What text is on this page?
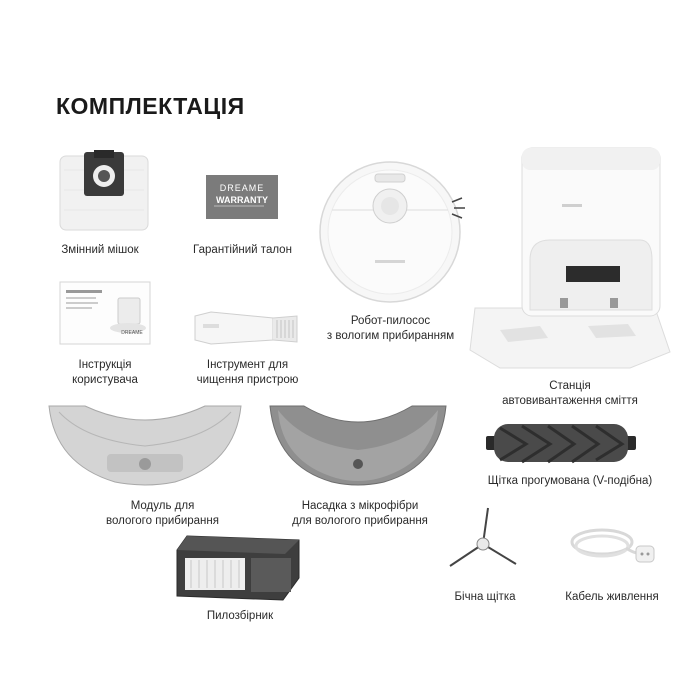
КОМПЛЕКТАЦІЯ
Змінний мішок
DREAME
WARRANTY
Гарантійний талон
Робот-пилосос
з вологим прибиранням
Станція
автовивантаження сміття
DREAME
Інструкція
користувача
Інструмент для
чищення пристрою
Модуль для
вологого прибирання
Насадка з мікрофібри
для вологого прибирання
Щітка прогумована (V-подібна)
Пилозбірник
Бічна щітка	Кабель живлення
